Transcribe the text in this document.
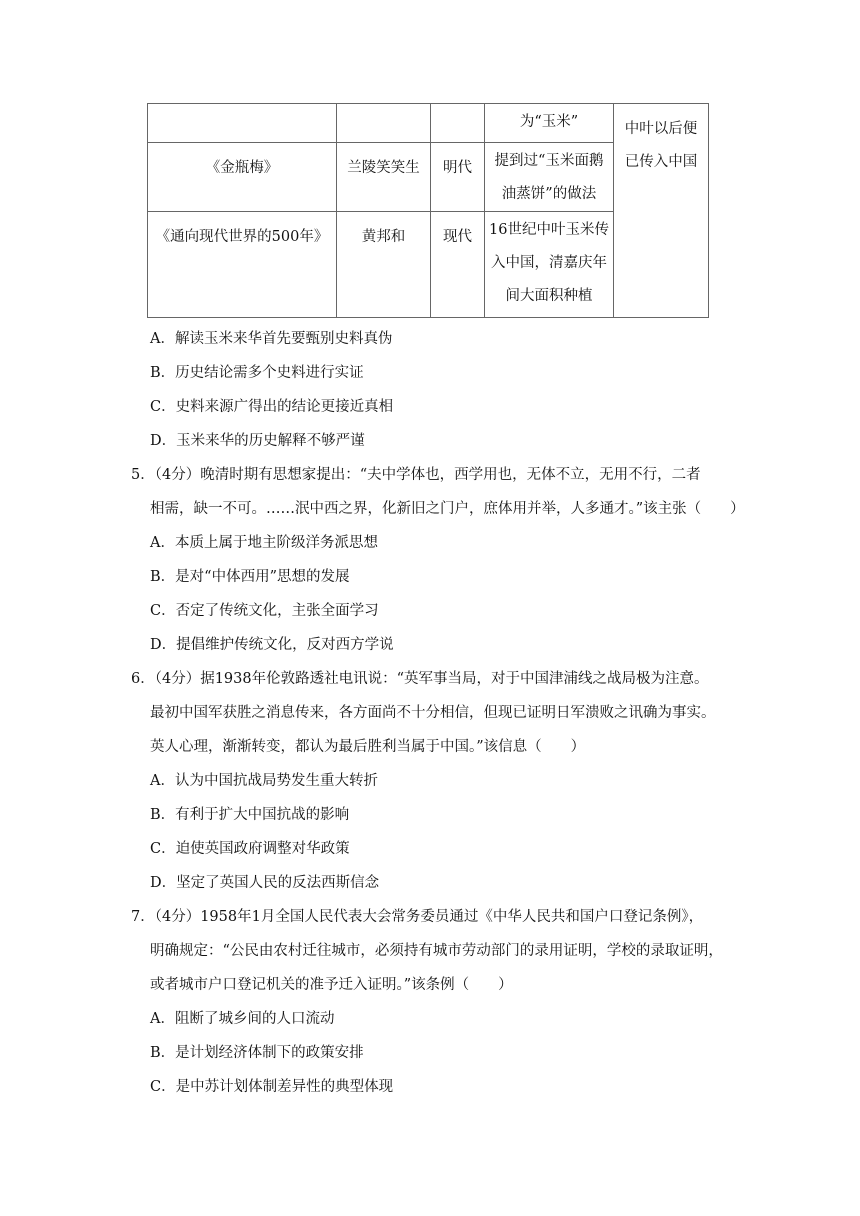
			为“玉米”	中叶以后便
已传入中国

《金瓶梅》	兰陵笑笑生	明代	提到过“玉米面鹅
油蒸饼”的做法	

《通向现代世界的500年》	黄邦和	现代	16世纪中叶玉米传
入中国，清嘉庆年
间大面积种植	
A．解读玉米来华首先要甄别史料真伪
B．历史结论需多个史料进行实证
C．史料来源广得出的结论更接近真相
D．玉米来华的历史解释不够严谨
5．（4分）晚清时期有思想家提出：“夫中学体也，西学用也，无体不立，无用不行，二者
相需，缺一不可。……泯中西之界，化新旧之门户，庶体用并举，人多通才。”该主张（　　）
A．本质上属于地主阶级洋务派思想
B．是对“中体西用”思想的发展
C．否定了传统文化，主张全面学习
D．提倡维护传统文化，反对西方学说
6．（4分）据1938年伦敦路透社电讯说：“英军事当局，对于中国津浦线之战局极为注意。
最初中国军获胜之消息传来，各方面尚不十分相信，但现已证明日军溃败之讯确为事实。
英人心理，渐渐转变，都认为最后胜利当属于中国。”该信息（　　）
A．认为中国抗战局势发生重大转折
B．有利于扩大中国抗战的影响
C．迫使英国政府调整对华政策
D．坚定了英国人民的反法西斯信念
7．（4分）1958年1月全国人民代表大会常务委员通过《中华人民共和国户口登记条例》，
明确规定：“公民由农村迁往城市，必须持有城市劳动部门的录用证明，学校的录取证明，
或者城市户口登记机关的准予迁入证明。”该条例（　　）
A．阻断了城乡间的人口流动
B．是计划经济体制下的政策安排
C．是中苏计划体制差异性的典型体现
